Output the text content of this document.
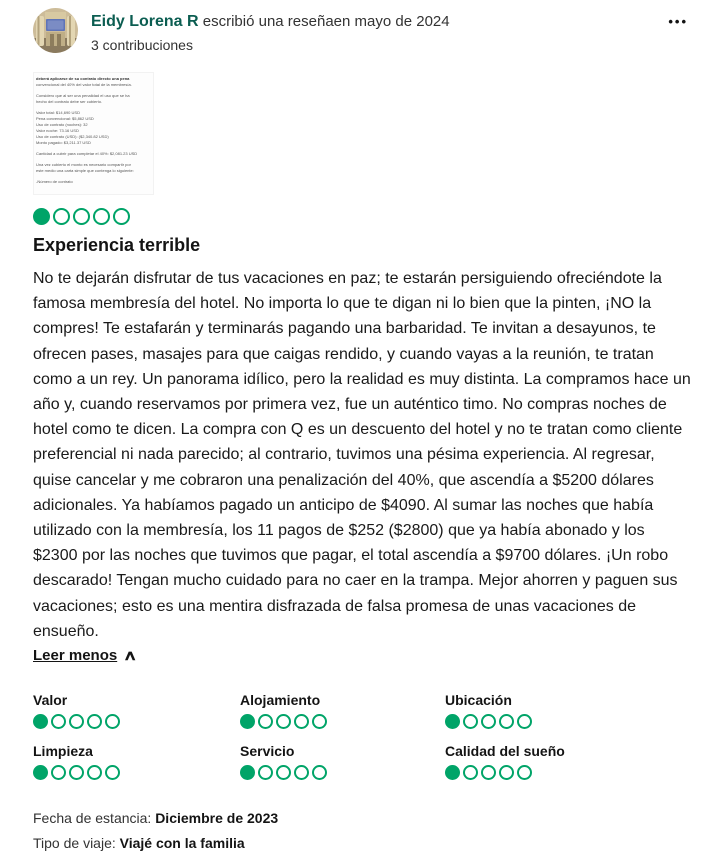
Eidy Lorena R escribió una reseñaen mayo de 2024
3 contribuciones
•••
deberá aplicarse de su contrato directo una pena
convencional del 40% del valor total de la membresía.
Considero que al ser una penalidad el uso que se ha
hecho del contrato debe ser cubierto.
Valor total: $14,690 USD
Pena convencional: $5,862 USD
Uso de contrato (noches): 32
Valor noche: 73.16 USD
Uso de contrato (USD): ($2,340.82 USD)
Monto pagado: $3,211.37 USD
Cantidad a cubrir para completar el 40%: $2,081.23 USD
Una vez cubierto el monto es necesario compartir por
este medio una carta simple que contenga lo siguiente:
-Número de contrato
Experiencia terrible
No te dejarán disfrutar de tus vacaciones en paz; te estarán persiguiendo ofreciéndote la famosa membresía del hotel. No importa lo que te digan ni lo bien que la pinten, ¡NO la compres! Te estafarán y terminarás pagando una barbaridad. Te invitan a desayunos, te ofrecen pases, masajes para que caigas rendido, y cuando vayas a la reunión, te tratan como a un rey. Un panorama idílico, pero la realidad es muy distinta. La compramos hace un año y, cuando reservamos por primera vez, fue un auténtico timo. No compras noches de hotel como te dicen. La compra con Q es un descuento del hotel y no te tratan como cliente preferencial ni nada parecido; al contrario, tuvimos una pésima experiencia. Al regresar, quise cancelar y me cobraron una penalización del 40%, que ascendía a $5200 dólares adicionales. Ya habíamos pagado un anticipo de $4090. Al sumar las noches que había utilizado con la membresía, los 11 pagos de $252 ($2800) que ya había abonado y los $2300 por las noches que tuvimos que pagar, el total ascendía a $9700 dólares. ¡Un robo descarado! Tengan mucho cuidado para no caer en la trampa. Mejor ahorren y paguen sus vacaciones; esto es una mentira disfrazada de falsa promesa de unas vacaciones de ensueño.
Leer menos ∧
Valor	Alojamiento	Ubicación
Limpieza	Servicio	Calidad del sueño
Fecha de estancia: Diciembre de 2023
Tipo de viaje: Viajé con la familia
